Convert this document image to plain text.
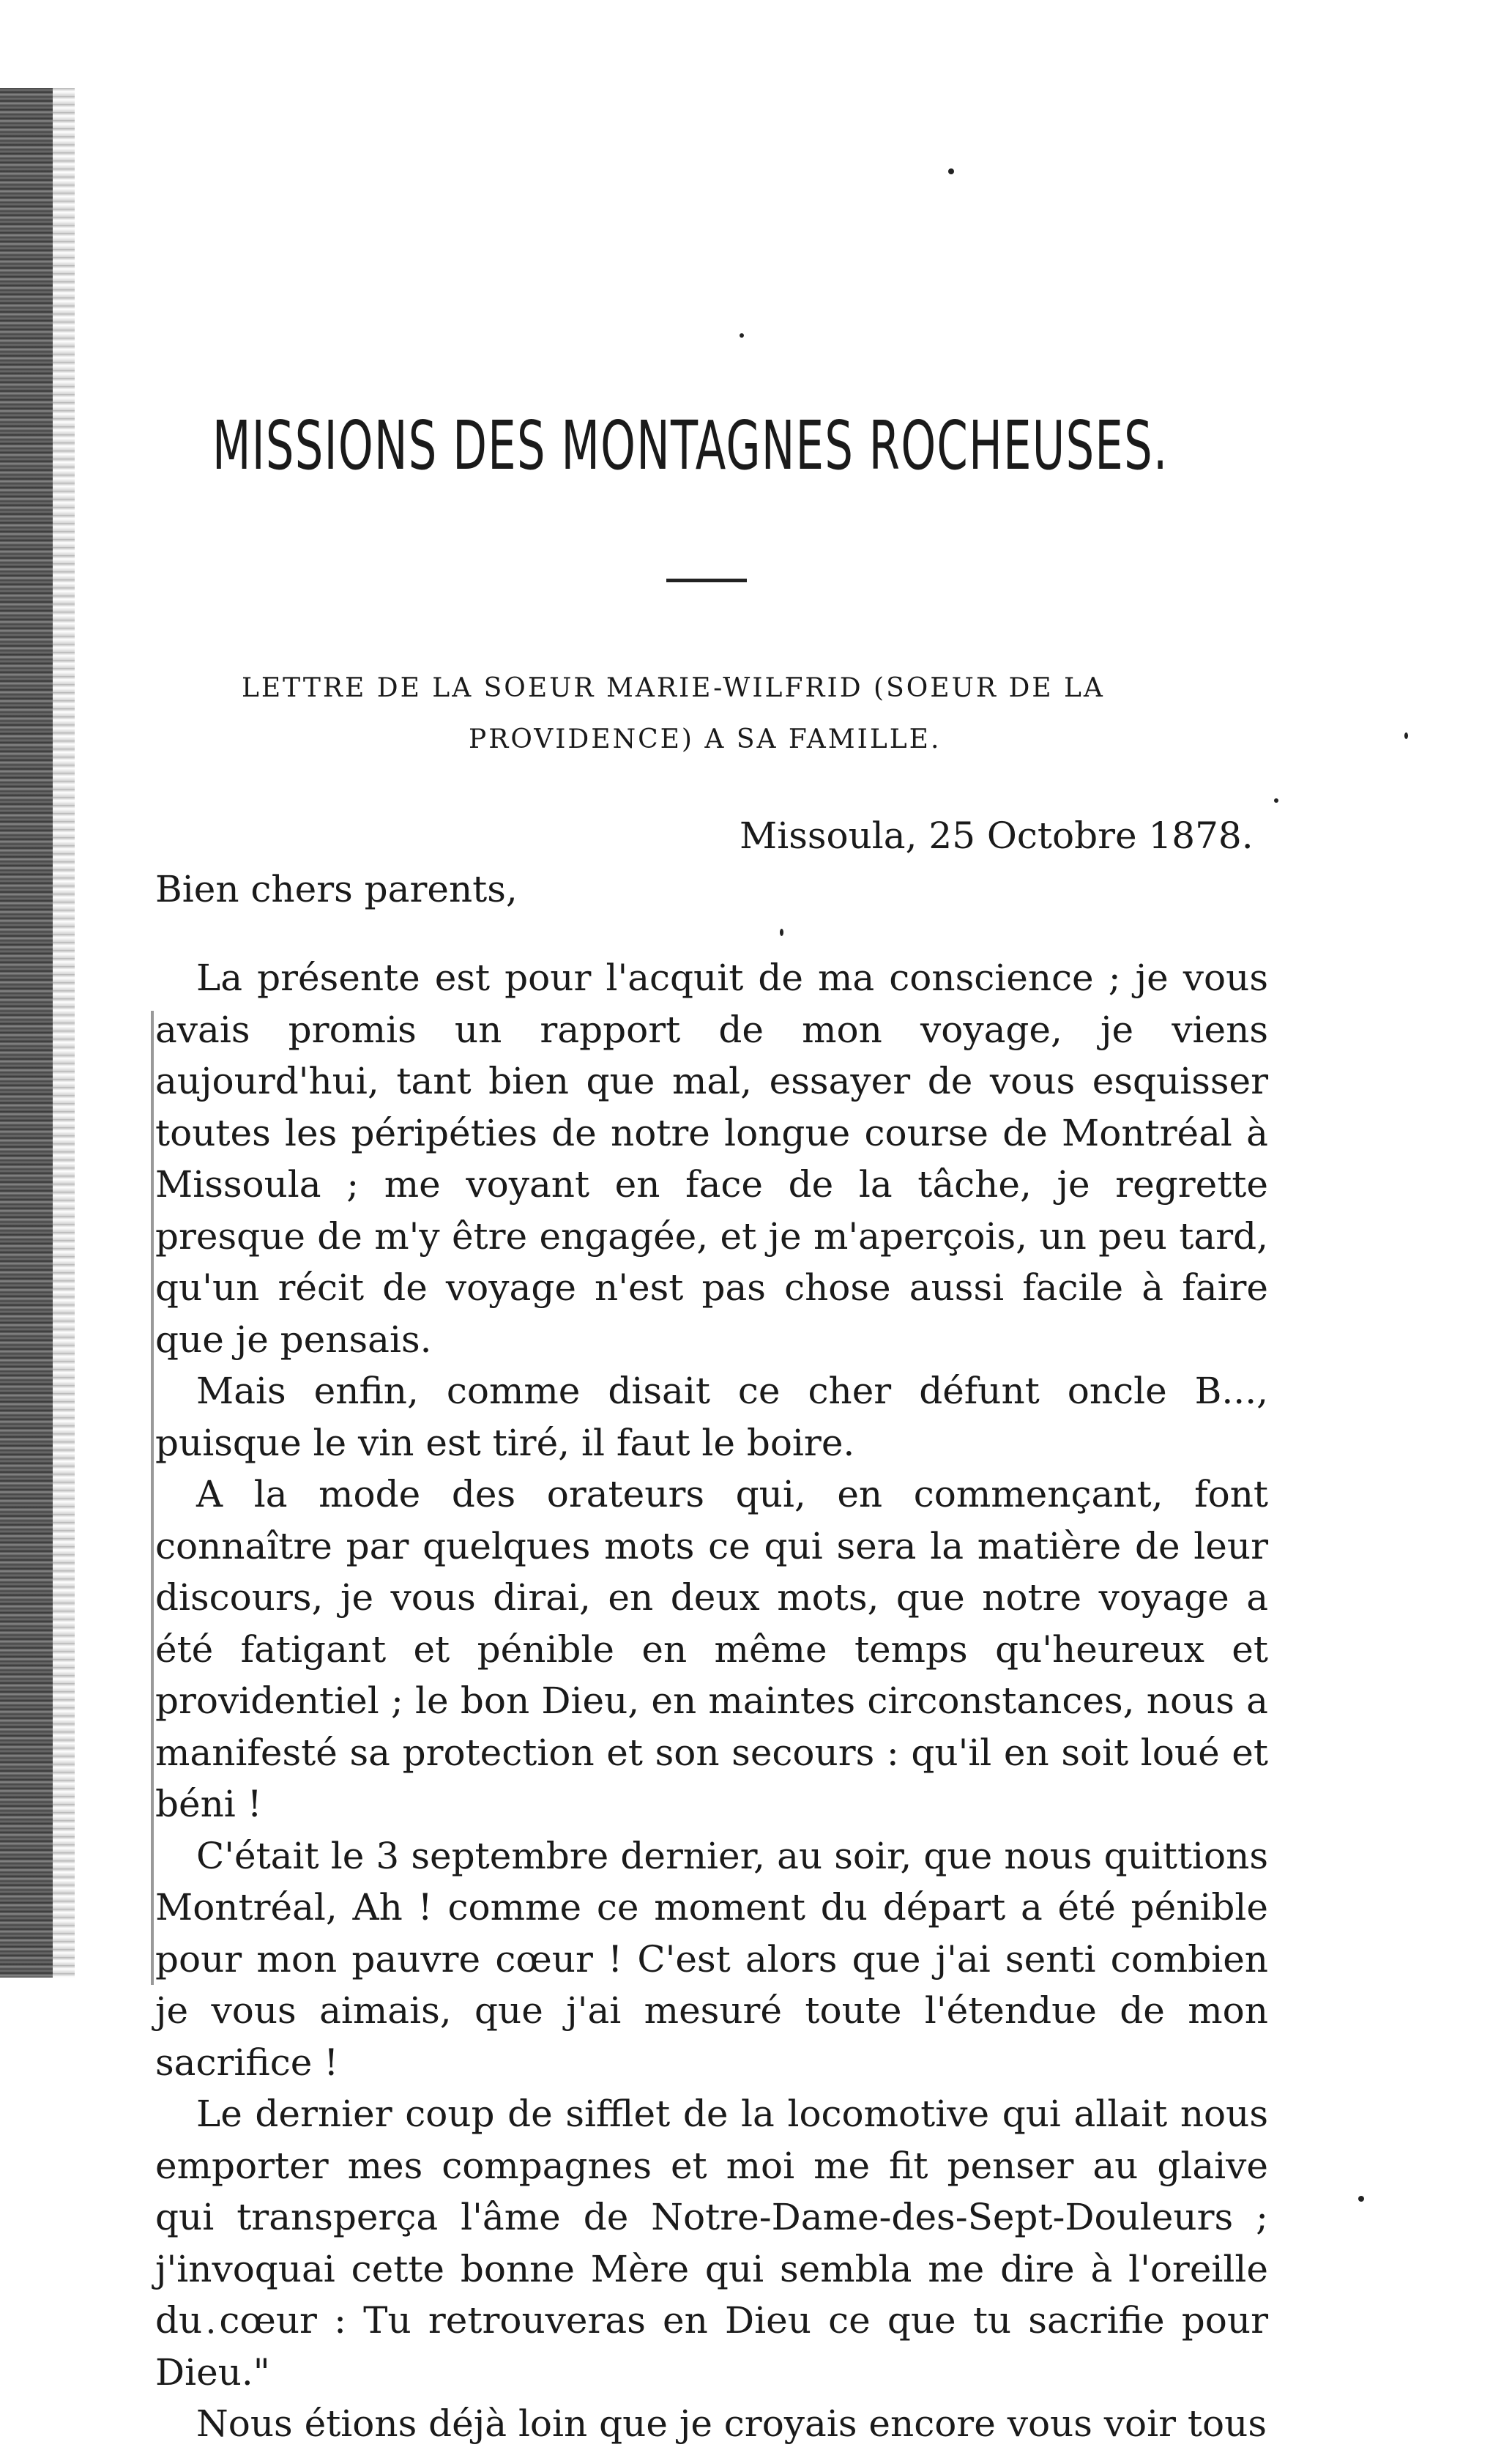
MISSIONS DES MONTAGNES ROCHEUSES.
LETTRE DE LA SOEUR MARIE-WILFRID (SOEUR DE LA
PROVIDENCE) A SA FAMILLE.
Missoula, 25 Octobre 1878.
Bien chers parents,

La présente est pour l'acquit de ma conscience ; je vous avais promis un rapport de mon voyage, je viens aujourd'hui, tant bien que mal, essayer de vous esquisser toutes les péripéties de notre longue course de Montréal à Missoula ; me voyant en face de la tâche, je regrette presque de m'y être engagée, et je m'aperçois, un peu tard, qu'un récit de voyage n'est pas chose aussi facile à faire que je pensais.

Mais enfin, comme disait ce cher défunt oncle B..., puisque le vin est tiré, il faut le boire.

A la mode des orateurs qui, en commençant, font connaître par quelques mots ce qui sera la matière de leur discours, je vous dirai, en deux mots, que notre voyage a été fatigant et pénible en même temps qu'heureux et providentiel ; le bon Dieu, en maintes circonstances, nous a manifesté sa protection et son secours : qu'il en soit loué et béni !

C'était le 3 septembre dernier, au soir, que nous quittions Montréal, Ah ! comme ce moment du départ a été pénible pour mon pauvre cœur ! C'est alors que j'ai senti combien je vous aimais, que j'ai mesuré toute l'étendue de mon sacrifice !

Le dernier coup de sifflet de la locomotive qui allait nous emporter mes compagnes et moi me fit penser au glaive qui transperça l'âme de Notre-Dame-des-Sept-Douleurs ; j'invoquai cette bonne Mère qui sembla me dire à l'oreille du cœur : Tu retrouveras en Dieu ce que tu sacrifie pour Dieu."

Nous étions déjà loin que je croyais encore vous voir tous
